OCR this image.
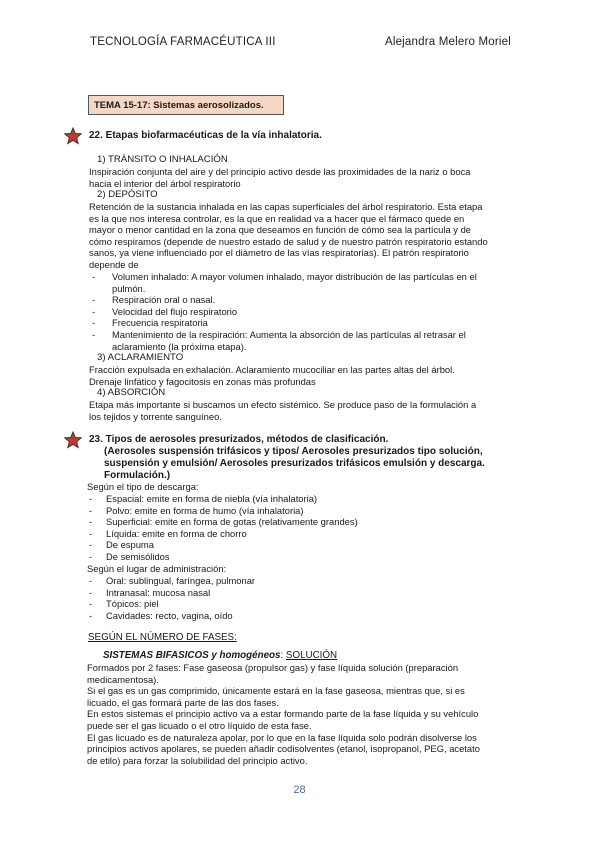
TECNOLOGÍA FARMACÉUTICA III	Alejandra Melero Moriel
TEMA 15-17: Sistemas aerosolizados.
22. Etapas biofarmacéuticas de la vía inhalatoria.
1) TRÁNSITO O INHALACIÓN
Inspiración conjunta del aire y del principio activo desde las proximidades de la nariz o boca
hacia el interior del árbol respiratorio
2) DEPÓSITO
Retención de la sustancia inhalada en las capas superficiales del árbol respiratorio. Esta etapa
es la que nos interesa controlar, es la que en realidad va a hacer que el fármaco quede en
mayor o menor cantidad en la zona que deseamos en función de cómo sea la partícula y de
cómo respiramos (depende de nuestro estado de salud y de nuestro patrón respiratorio estando
sanos, ya viene influenciado por el diámetro de las vías respiratorias). El patrón respiratorio
depende de
- Volumen inhalado: A mayor volumen inhalado, mayor distribución de las partículas en el
pulmón.
- Respiración oral o nasal.
- Velocidad del flujo respiratorio
- Frecuencia respiratoria
- Mantenimiento de la respiración: Aumenta la absorción de las partículas al retrasar el
aclaramiento (la próxima etapa).
3) ACLARAMIENTO
Fracción expulsada en exhalación. Aclaramiento mucociliar en las partes altas del árbol.
Drenaje linfático y fagocitosis en zonas más profundas
4) ABSORCIÓN
Etapa más importante si buscamos un efecto sistémico. Se produce paso de la formulación a
los tejidos y torrente sanguíneo.
23. Tipos de aerosoles presurizados, métodos de clasificación.
(Aerosoles suspensión trifásicos y tipos/ Aerosoles presurizados tipo solución,
suspensión y emulsión/ Aerosoles presurizados trifásicos emulsión y descarga.
Formulación.)
Según el tipo de descarga:
- Espacial: emite en forma de niebla (vía inhalatoria)
- Polvo: emite en forma de humo (vía inhalatoria)
- Superficial: emite en forma de gotas (relativamente grandes)
- Líquida: emite en forma de chorro
- De espuma
- De semisólidos
Según el lugar de administración:
- Oral: sublingual, faríngea, pulmonar
- Intranasal: mucosa nasal
- Tópicos: piel
- Cavidades: recto, vagina, oído
SEGÚN EL NÚMERO DE FASES:
SISTEMAS BIFASICOS y homogéneos: SOLUCIÓN
Formados por 2 fases: Fase gaseosa (propulsor gas) y fase líquida solución (preparación
medicamentosa).
Si el gas es un gas comprimido, únicamente estará en la fase gaseosa, mientras que, si es
licuado, el gas formará parte de las dos fases.
En estos sistemas el principio activo va a estar formando parte de la fase líquida y su vehículo
puede ser el gas licuado o el otro líquido de esta fase.
El gas licuado es de naturaleza apolar, por lo que en la fase líquida solo podrán disolverse los
principios activos apolares, se pueden añadir codisolventes (etanol, isopropanol, PEG, acetato
de etilo) para forzar la solubilidad del principio activo.
28
